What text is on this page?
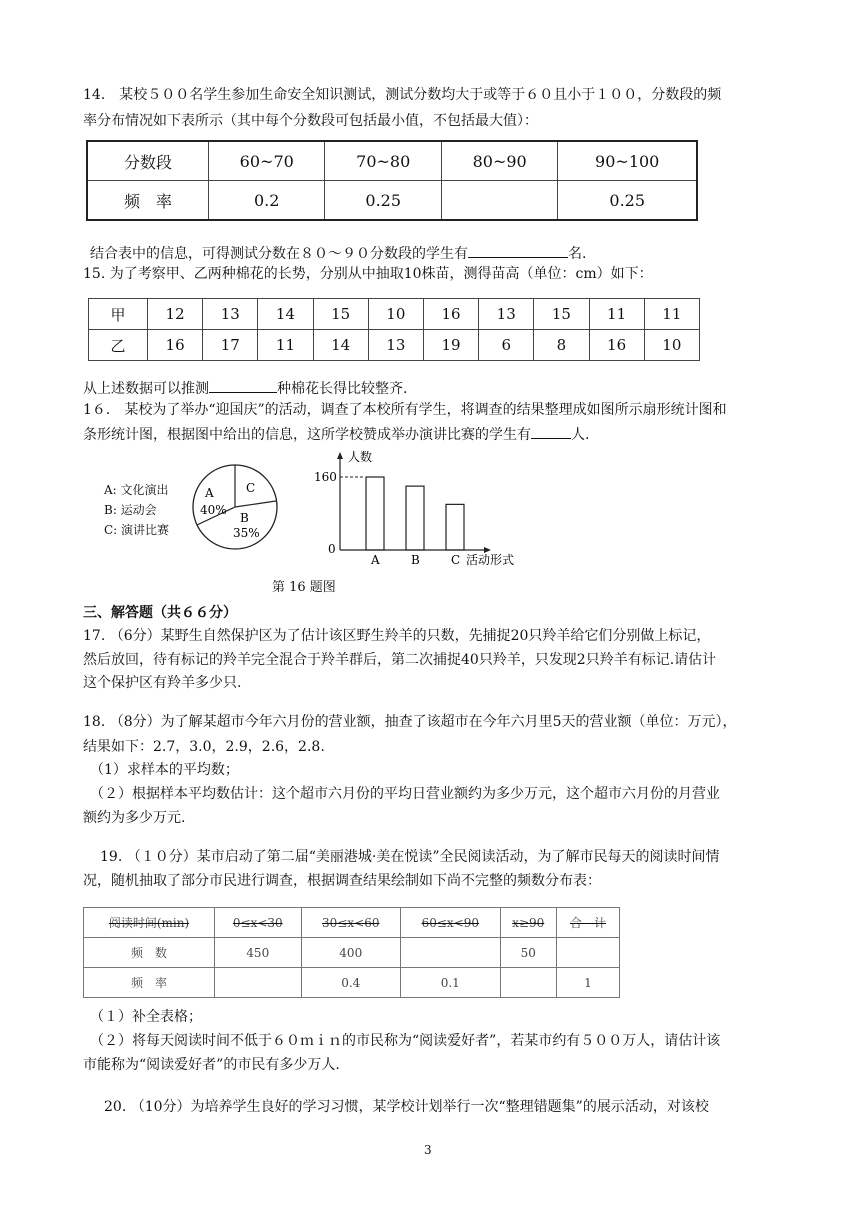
14． 某校５００名学生参加生命安全知识测试，测试分数均大于或等于６０且小于１００，分数段的频
率分布情况如下表所示（其中每个分数段可包括最小值，不包括最大值）：
分数段	60~70	70~80	80~90	90~100
频　率	0.2	0.25		0.25
结合表中的信息，可得测试分数在８０～９０分数段的学生有	名.
15. 为了考察甲、乙两种棉花的长势，分别从中抽取10株苗，测得苗高（单位：cm）如下：
甲	12	13	14	15	10	16	13	15	11	11
乙	16	17	11	14	13	19	6	8	16	10
从上述数据可以推测	种棉花长得比较整齐.
1６． 某校为了举办“迎国庆”的活动，调查了本校所有学生，将调查的结果整理成如图所示扇形统计图和
条形统计图，根据图中给出的信息，这所学校赞成举办演讲比赛的学生有	人.
A: 文化演出
B: 运动会
C: 演讲比赛
A
40%
C
B
35%
人数
160
0
A	B	C 活动形式
第 16 题图
三、解答题（共６６分）
17. （6分）某野生自然保护区为了估计该区野生羚羊的只数，先捕捉20只羚羊给它们分别做上标记，
然后放回，待有标记的羚羊完全混合于羚羊群后，第二次捕捉40只羚羊，只发现2只羚羊有标记.请估计
这个保护区有羚羊多少只.
18. （8分）为了解某超市今年六月份的营业额，抽查了该超市在今年六月里5天的营业额（单位：万元），
结果如下：2.7，3.0，2.9，2.6，2.8.
（1）求样本的平均数；
（２）根据样本平均数估计：这个超市六月份的平均日营业额约为多少万元，这个超市六月份的月营业
额约为多少万元.
19. （１０分）某市启动了第二届“美丽港城·美在悦读”全民阅读活动，为了解市民每天的阅读时间情
况，随机抽取了部分市民进行调查，根据调查结果绘制如下尚不完整的频数分布表：
阅读时间(min)	0≤x<30	30≤x<60	60≤x<90	x≥90	合　计
频　数	450	400		50	
频　率		0.4	0.1		1
（１）补全表格；
（２）将每天阅读时间不低于６０ｍｉｎ的市民称为“阅读爱好者”，若某市约有５００万人，请估计该
市能称为“阅读爱好者”的市民有多少万人.
20. （10分）为培养学生良好的学习习惯，某学校计划举行一次“整理错题集”的展示活动，对该校
3
